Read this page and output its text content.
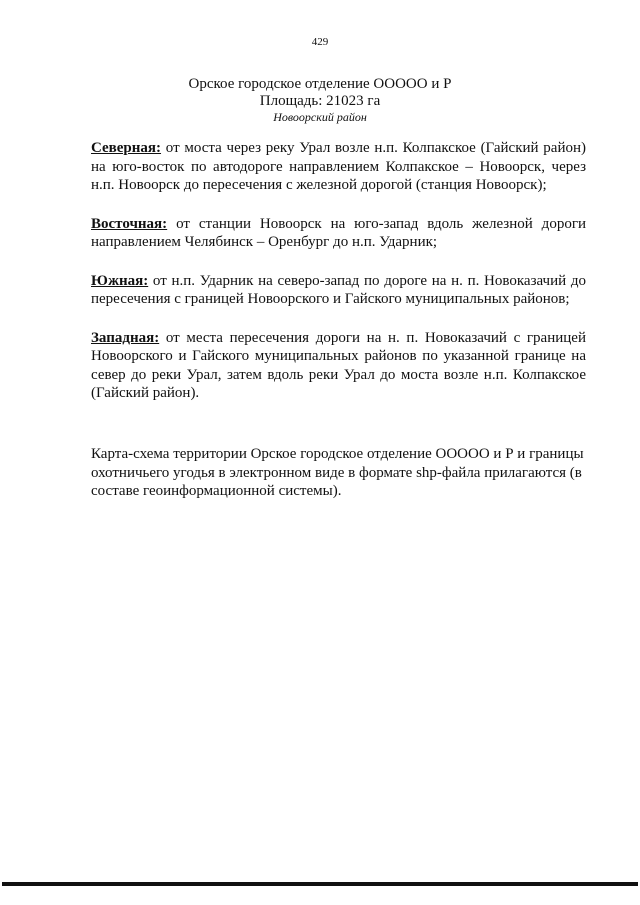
429
Орское городское отделение ООООО и Р
Площадь: 21023 га
Новоорский район

Северная: от моста через реку Урал возле н.п. Колпакское (Гайский район) на юго-восток по автодороге направлением Колпакское – Новоорск, через н.п. Новоорск до пересечения с железной дорогой (станция Новоорск);

Восточная: от станции Новоорск на юго-запад вдоль железной дороги направлением Челябинск – Оренбург до н.п. Ударник;

Южная: от н.п. Ударник на северо-запад по дороге на н. п. Новоказачий до пересечения с границей Новоорского и Гайского муниципальных районов;

Западная: от места пересечения дороги на н. п. Новоказачий с границей Новоорского и Гайского муниципальных районов по указанной границе на север до реки Урал, затем вдоль реки Урал до моста возле н.п. Колпакское (Гайский район).

Карта-схема территории Орское городское отделение ООООО и Р и границы охотничьего угодья в электронном виде в формате shp-файла прилагаются (в составе геоинформационной системы).
